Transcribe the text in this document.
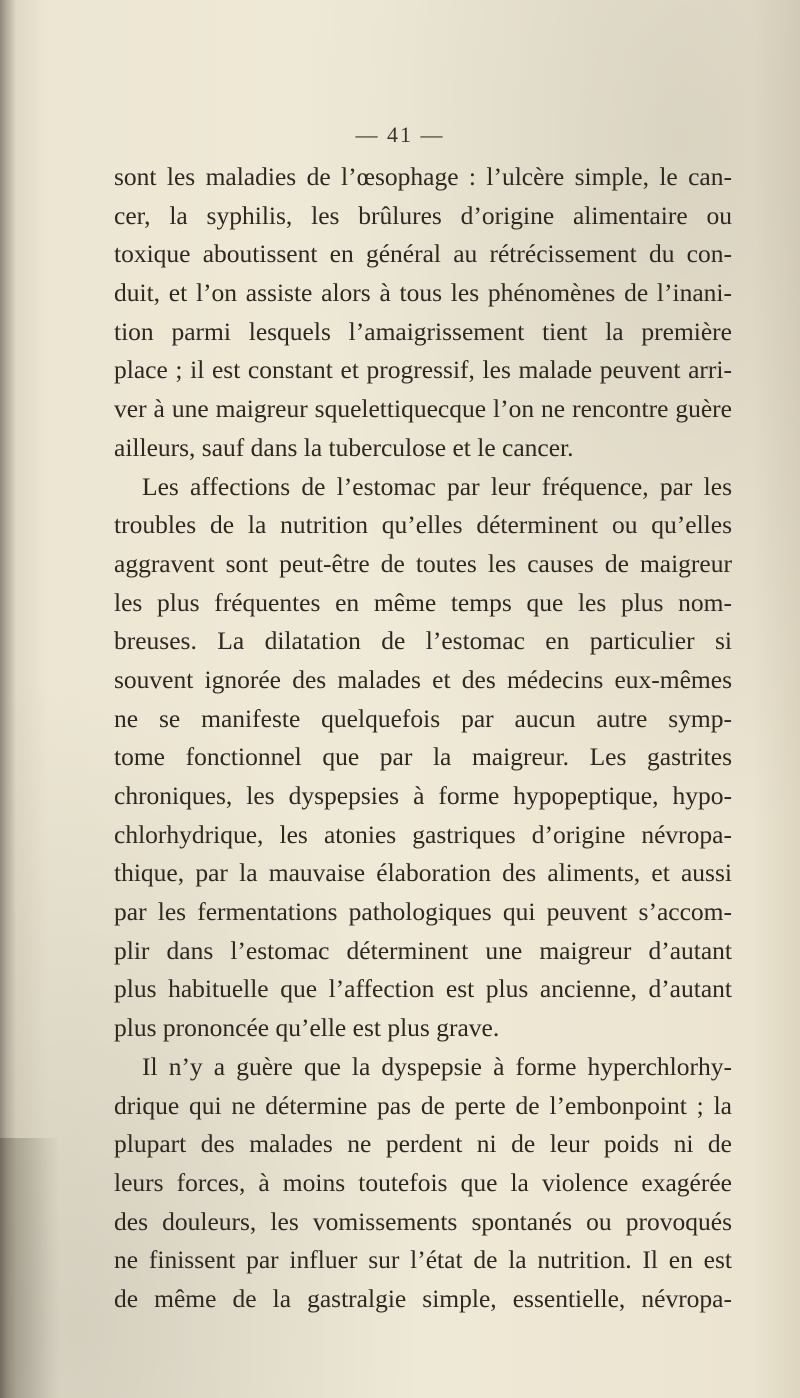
— 41 —
sont les maladies de l’œsophage : l’ulcère simple, le can-
cer, la syphilis, les brûlures d’origine alimentaire ou
toxique aboutissent en général au rétrécissement du con-
duit, et l’on assiste alors à tous les phénomènes de l’inani-
tion parmi lesquels l’amaigrissement tient la première
place ; il est constant et progressif, les malade peuvent arri-
ver à une maigreur squelettiquecque l’on ne rencontre guère
ailleurs, sauf dans la tuberculose et le cancer.
Les affections de l’estomac par leur fréquence, par les
troubles de la nutrition qu’elles déterminent ou qu’elles
aggravent sont peut-être de toutes les causes de maigreur
les plus fréquentes en même temps que les plus nom-
breuses. La dilatation de l’estomac en particulier si
souvent ignorée des malades et des médecins eux-mêmes
ne se manifeste quelquefois par aucun autre symp-
tome fonctionnel que par la maigreur. Les gastrites
chroniques, les dyspepsies à forme hypopeptique, hypo-
chlorhydrique, les atonies gastriques d’origine névropa-
thique, par la mauvaise élaboration des aliments, et aussi
par les fermentations pathologiques qui peuvent s’accom-
plir dans l’estomac déterminent une maigreur d’autant
plus habituelle que l’affection est plus ancienne, d’autant
plus prononcée qu’elle est plus grave.
Il n’y a guère que la dyspepsie à forme hyperchlorhy-
drique qui ne détermine pas de perte de l’embonpoint ; la
plupart des malades ne perdent ni de leur poids ni de
leurs forces, à moins toutefois que la violence exagérée
des douleurs, les vomissements spontanés ou provoqués
ne finissent par influer sur l’état de la nutrition. Il en est
de même de la gastralgie simple, essentielle, névropa-
